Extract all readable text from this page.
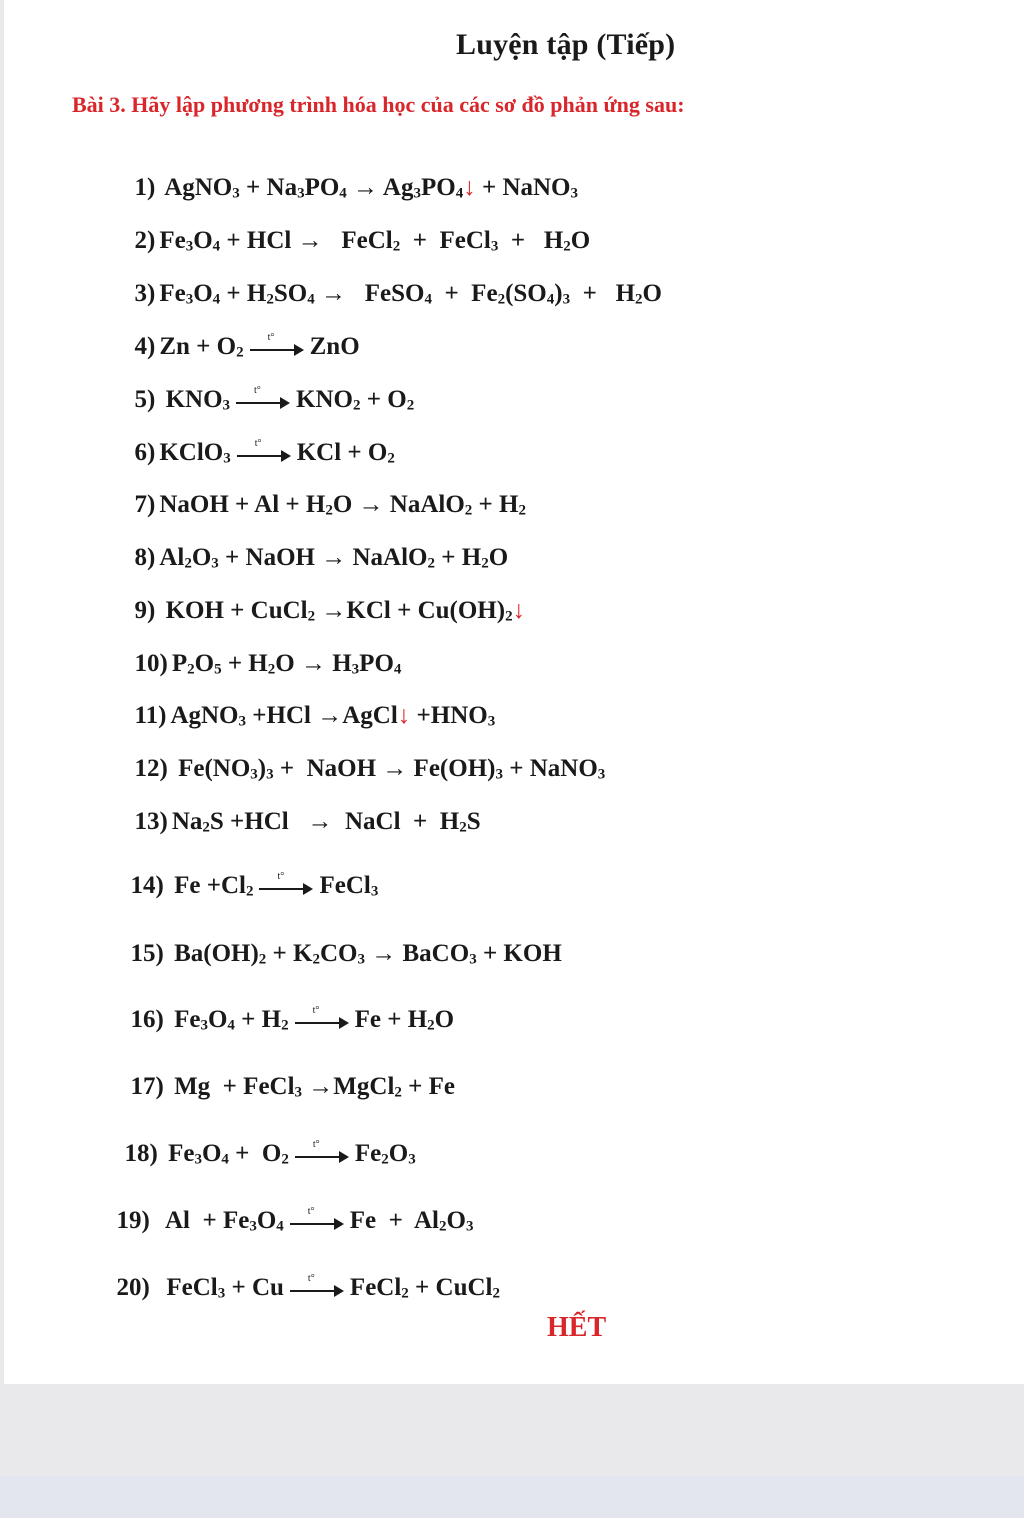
Luyện tập (Tiếp)
Bài 3. Hãy lập phương trình hóa học của các sơ đồ phản ứng sau:

1) AgNO$_3$ + $Na_3PO_4$ → $Ag_3PO_4↓$ + NaNO$_3$

2) $Fe_3O_4$ + HCl →   FeCl$_2$  +  FeCl$_3$  +   $H_2O$

3) $Fe_3O_4 + H_2SO_4$ →   FeSO$_4$  +  $Fe_2(SO_4)_3 + H_2O$

4) $Zn + O_2$
t° ZnO

5) $KNO_3$
t° $KNO_2 + O_2$

6) KClO$_3$
t° KCl + $O_2$

7) NaOH + $Al + H_2O$ → NaAlO$_2$ + $H_2$

8) $Al_2O_3$ + NaOH → NaAlO$_2$ + $H_2O$

9) KOH + CuCl$_2$ $\to KCl + Cu(OH)_2↓$

10) $P_2O_5 + H_2O \to H_3PO_4$

11) AgNO$_3$ +HCl →AgCl↓ $+HNO_3$

12) $Fe(NO_3)_3$ +  NaOH → $Fe(OH)_3$ + NaNO$_3$

13) $Na_2S +HCl$   →  NaCl  +  $H_2S$

14) $Fe +Cl_2$
t° FeCl$_3$

15) $Ba(OH)_2 + K_2CO_3$ → BaCO$_3$ + KOH

16) $Fe_3O_4 + H_2$
t° $Fe + H_2O$

17) Mg  + FeCl$_3$ →MgCl$_2$ + Fe

18) $Fe_3O_4 + O_2$
t° $Fe_2O_3$

19)  $Al + Fe_3O_4$
t° $Fe + Al_2O_3$

20)  FeCl$_3$ + Cu t° FeCl$_2$ + CuCl$_2$

HẾT
